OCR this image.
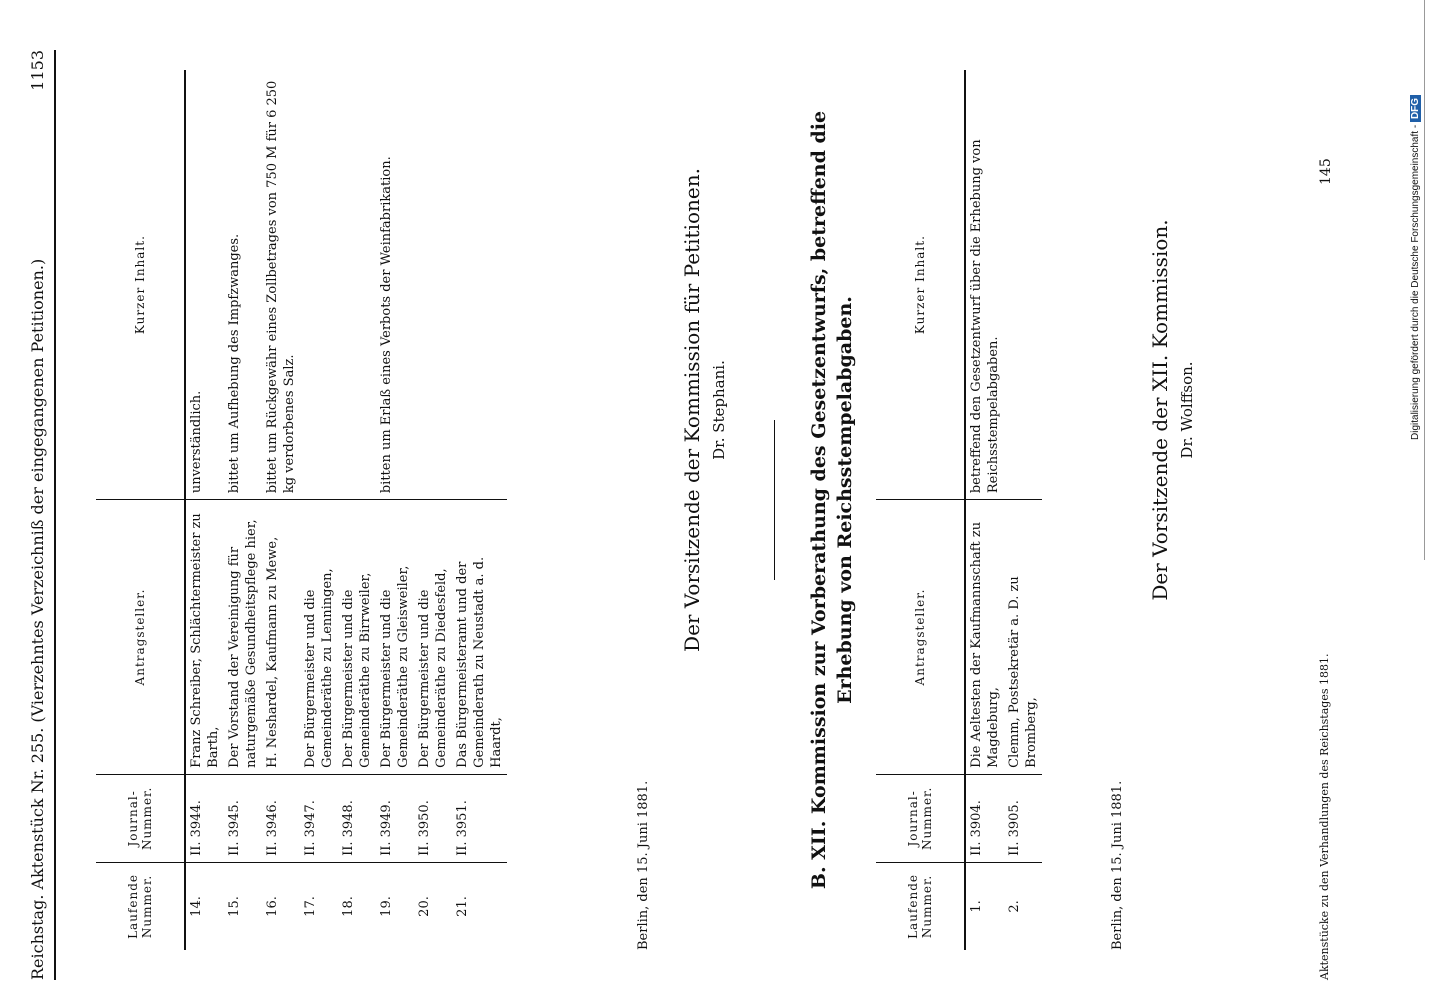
Reichstag. Aktenstück Nr. 255. (Vierzehntes Verzeichniß der eingegangenen Petitionen.)
1153
Laufende Nummer.	Journal-Nummer.	Antragsteller.	Kurzer Inhalt.
14.	II. 3944.	Franz Schreiber, Schlächtermeister zu Barth,	unverständlich.
15.	II. 3945.	Der Vorstand der Vereinigung für naturgemäße Gesundheitspflege hier,	bittet um Aufhebung des Impfzwanges.
16.	II. 3946.	H. Neshardel, Kaufmann zu Mewe,	bittet um Rückgewähr eines Zollbetrages von 750 M für 6 250 kg verdorbenes Salz.
17.	II. 3947.	Der Bürgermeister und die Gemeinderäthe zu Lenningen,	
18.	II. 3948.	Der Bürgermeister und die Gemeinderäthe zu Birrweiler,	
19.	II. 3949.	Der Bürgermeister und die Gemeinderäthe zu Gleisweiler,	bitten um Erlaß eines Verbots der Weinfabrikation.
20.	II. 3950.	Der Bürgermeister und die Gemeinderäthe zu Diedesfeld,	
21.	II. 3951.	Das Bürgermeisteramt und der Gemeinderath zu Neustadt a. d. Haardt,	
Berlin, den 15. Juni 1881.
Der Vorsitzende der Kommission für Petitionen. Dr. Stephani.	B. XII. Kommission zur Vorberathung des Gesetzentwurfs, betreffend die Erhebung von Reichsstempelabgaben.
Laufende Nummer.	Journal-Nummer.	Antragsteller.	Kurzer Inhalt.
1.	II. 3904.	Die Aeltesten der Kaufmannschaft zu Magdeburg,	betreffend den Gesetzentwurf über die Erhebung von Reichsstempelabgaben.
2.	II. 3905.	Clemm, Postsekretär a. D. zu Bromberg,	
Berlin, den 15. Juni 1881.
Der Vorsitzende der XII. Kommission. Dr. Wolffson.
Aktenstücke zu den Verhandlungen des Reichstages 1881.
145	Digitalisierung gefördert durch die Deutsche Forschungsgemeinschaft - DFG
